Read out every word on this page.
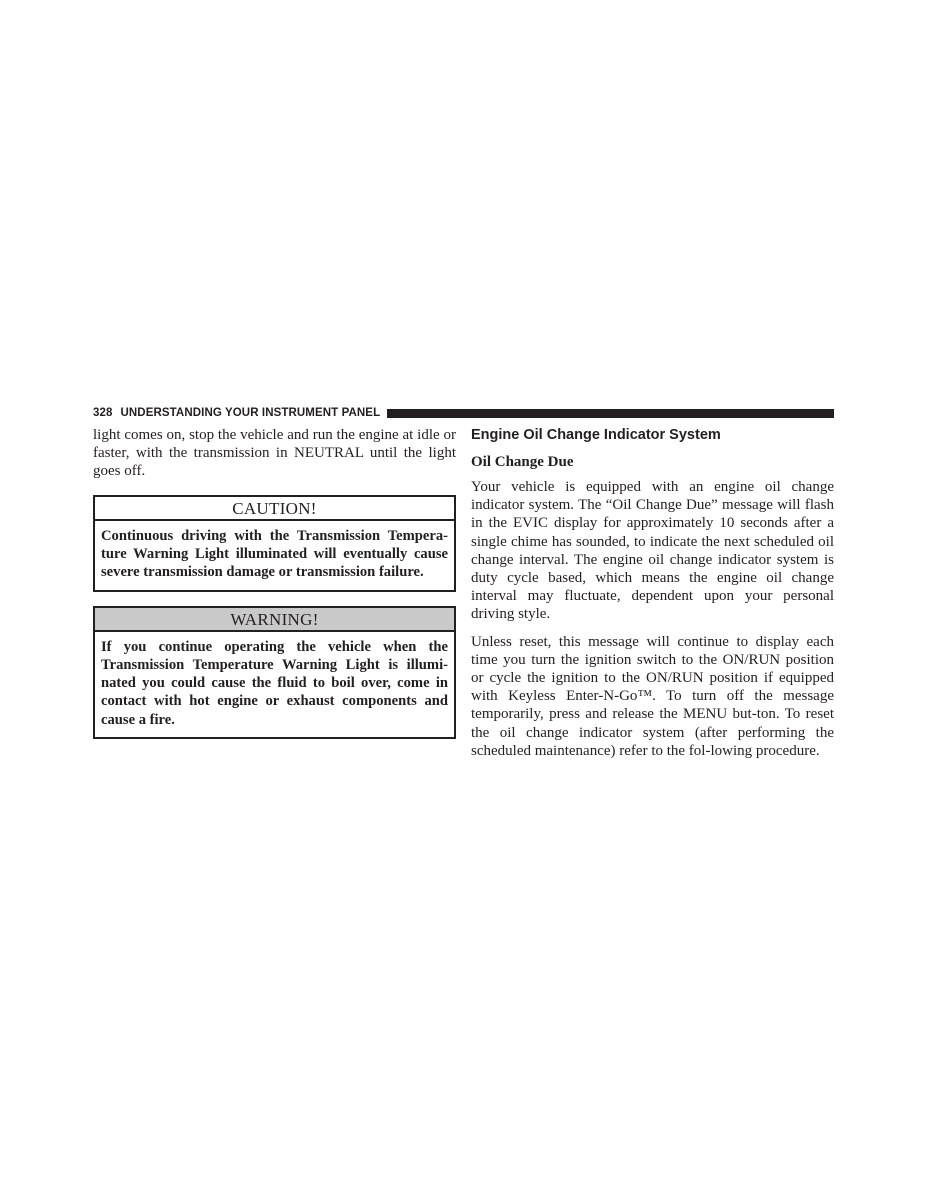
328 UNDERSTANDING YOUR INSTRUMENT PANEL

light comes on, stop the vehicle and run the engine at idle or faster, with the transmission in NEUTRAL until the light goes off.

CAUTION!
Continuous driving with the Transmission Tempera-ture Warning Light illuminated will eventually cause severe transmission damage or transmission failure.
WARNING!
If you continue operating the vehicle when the Transmission Temperature Warning Light is illumi-nated you could cause the fluid to boil over, come in contact with hot engine or exhaust components and cause a fire.
Engine Oil Change Indicator System
Oil Change Due

Your vehicle is equipped with an engine oil change indicator system. The “Oil Change Due” message will flash in the EVIC display for approximately 10 seconds after a single chime has sounded, to indicate the next scheduled oil change interval. The engine oil change indicator system is duty cycle based, which means the engine oil change interval may fluctuate, dependent upon your personal driving style.

Unless reset, this message will continue to display each time you turn the ignition switch to the ON/RUN position or cycle the ignition to the ON/RUN position if equipped with Keyless Enter-N-Go™. To turn off the message temporarily, press and release the MENU but-ton. To reset the oil change indicator system (after performing the scheduled maintenance) refer to the fol-lowing procedure.
